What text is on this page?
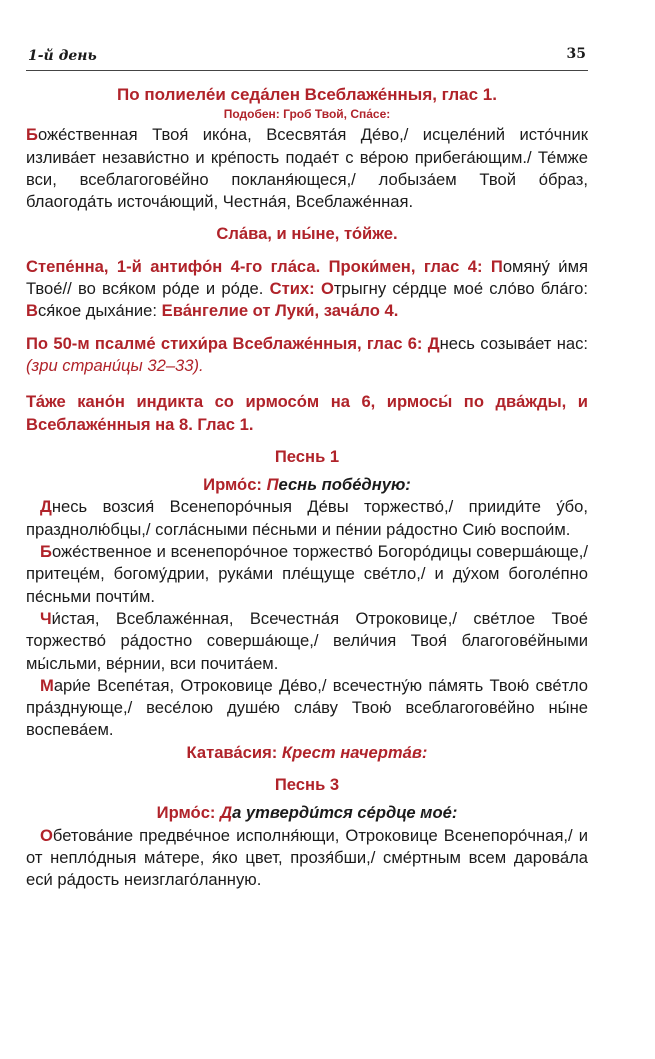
1-й день	35

По полиеле́и седа́лен Всеблаже́нныя, глас 1.

Подобен: Гроб Твой, Спа́се:

Боже́ственная Твоя́ ико́на, Всесвята́я Де́во,/ исцеле́ний исто́чник излива́ет незави́стно и кре́пость подае́т с ве́рою прибега́ющим./ Те́мже вси, всеблагогове́йно покланя́ющеся,/ лобыза́ем Твой о́браз, блаогода́ть источа́ющий, Честна́я, Всеблаже́нная.

Сла́ва, и ны́не, то́йже.

Степе́нна, 1-й антифо́н 4-го гла́са. Проки́мен, глас 4: Помяну́ и́мя Твое́// во вся́ком ро́де и ро́де. Стих: Отрыгну се́рдце мое́ сло́во бла́го: Вся́кое дыха́ние: Ева́нгелие от Луки́, зача́ло 4.

По 50-м псалме́ стихи́ра Всеблаже́нныя, глас 6: Днесь созыва́ет нас: (зри страни́цы 32–33).

Та́же кано́н индикта со ирмосо́м на 6, ирмосы́ по два́жды, и Всеблаже́нныя на 8. Глас 1.

Песнь 1

Ирмо́с: Песнь побе́дную:

Днесь возсия́ Всенепоро́чныя Де́вы торжество́,/ прииди́те у́бо, празднолю́бцы,/ согла́сными пе́сньми и пе́нии ра́достно Сию́ воспои́м.

Боже́ственное и всенепоро́чное торжество́ Богоро́дицы соверша́юще,/ притеце́м, богому́дрии, рука́ми пле́щуще све́тло,/ и ду́хом боголе́пно пе́сньми почти́м.

Чи́стая, Всеблаже́нная, Всечестна́я Отроковице,/ све́тлое Твое́ торжество́ ра́достно соверша́юще,/ вели́чия Твоя́ благогове́йными мы́сльми, ве́рнии, вси почита́ем.

Мари́е Всепе́тая, Отроковице Де́во,/ всечестну́ю па́мять Твою́ све́тло пра́зднующе,/ весе́лою душе́ю сла́ву Твою́ всеблагогове́йно ны́не воспева́ем.

Катава́сия: Крест начерта́в:

Песнь 3

Ирмо́с: Да утверди́тся се́рдце мое́:

Обетова́ние предве́чное исполня́ющи, Отроковице Всенепоро́чная,/ и от непло́дныя ма́тере, я́ко цвет, прозя́бши,/ сме́ртным всем дарова́ла еси́ ра́дость неизглаго́ланную.
